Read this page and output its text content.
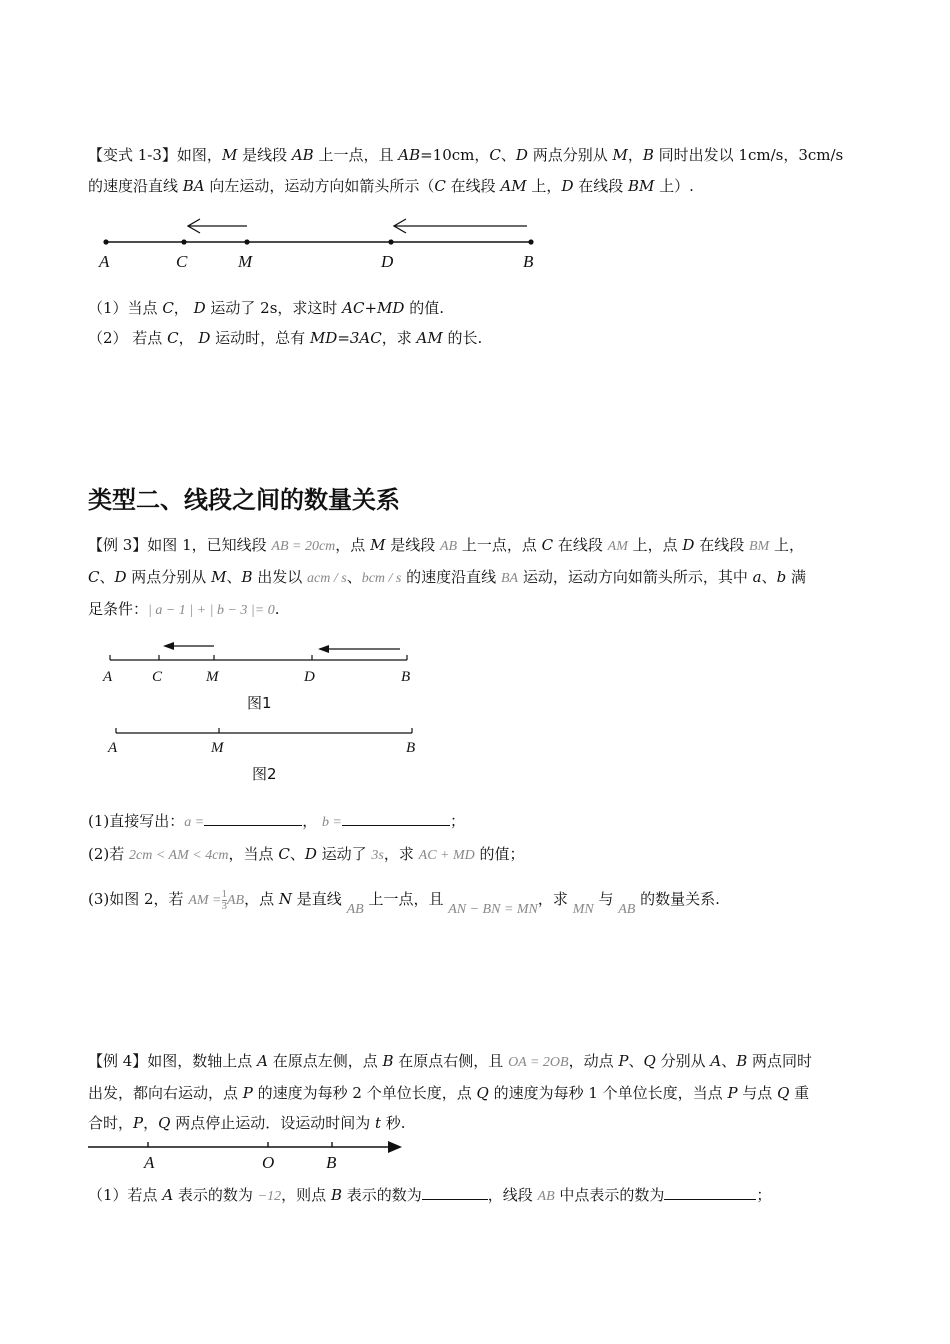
【变式 1-3】如图，M 是线段 AB 上一点，且 AB=10cm，C、D 两点分别从 M，B 同时出发以 1cm/s，3cm/s
的速度沿直线 BA 向左运动，运动方向如箭头所示（C 在线段 AM 上，D 在线段 BM 上）.
A	C	M	D	B
A	C	M	D	B
图1
A	M	B
图2
A	O	B
（1）当点 C， D 运动了 2s，求这时 AC+MD 的值.
（2） 若点 C， D 运动时，总有 MD=3AC，求 AM 的长.
类型二、线段之间的数量关系
【例 3】如图 1，已知线段 AB = 20cm，点 M 是线段 AB 上一点，点 C 在线段 AM 上，点 D 在线段 BM 上，
C、D 两点分别从 M、B 出发以 acm / s、bcm / s 的速度沿直线 BA 运动，运动方向如箭头所示，其中 a、b 满
足条件：| a − 1 | + | b − 3 |= 0.
(1)直接写出：a =	， b =	；
(2)若 2cm < AM < 4cm，当点 C、D 运动了 3s，求 AC + MD 的值；
(3)如图 2，若 AM = $\frac{1}{3}$ AB，点 N 是直线 AB 上一点，且 AN − BN = MN，求 MN 与 AB 的数量关系.
【例 4】如图，数轴上点 A 在原点左侧，点 B 在原点右侧，且 OA = 2OB，动点 P、Q 分别从 A、B 两点同时
出发，都向右运动，点 P 的速度为每秒 2 个单位长度，点 Q 的速度为每秒 1 个单位长度，当点 P 与点 Q 重
合时，P，Q 两点停止运动．设运动时间为 t 秒.
（1）若点 A 表示的数为 −12，则点 B 表示的数为	，线段 AB 中点表示的数为	；
